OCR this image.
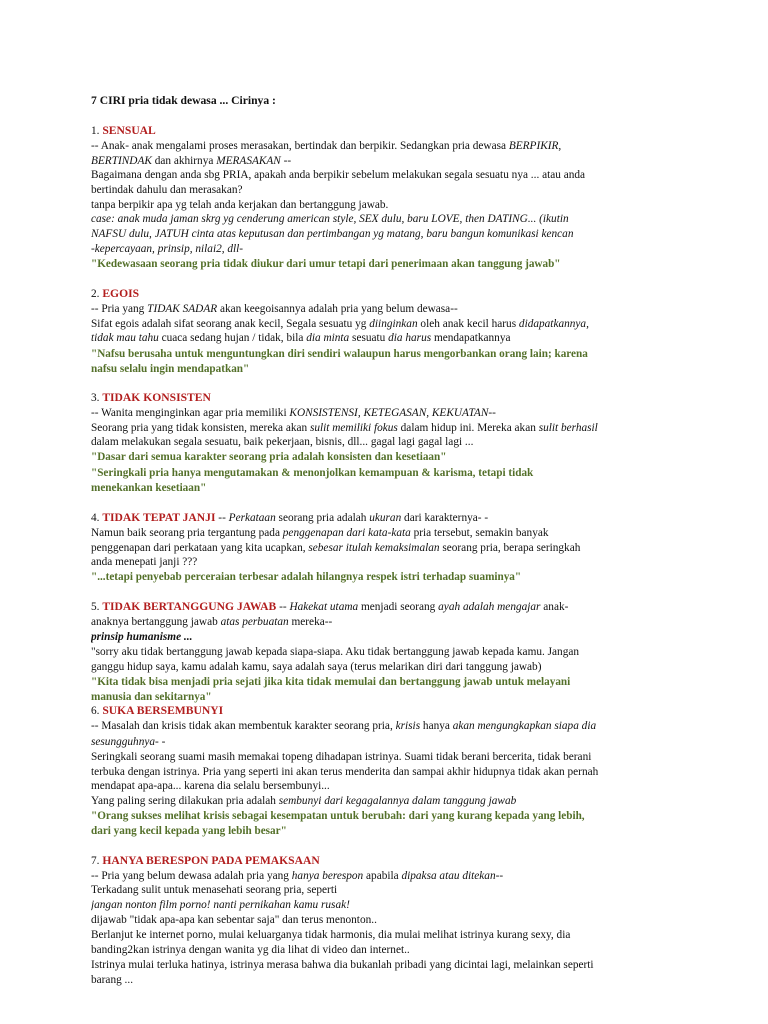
7 CIRI pria tidak dewasa ... Cirinya :
1. SENSUAL
-- Anak- anak mengalami proses merasakan, bertindak dan berpikir. Sedangkan pria dewasa BERPIKIR,
BERTINDAK dan akhirnya MERASAKAN --
Bagaimana dengan anda sbg PRIA, apakah anda berpikir sebelum melakukan segala sesuatu nya ... atau anda
bertindak dahulu dan merasakan?
tanpa berpikir apa yg telah anda kerjakan dan bertanggung jawab.
case: anak muda jaman skrg yg cenderung american style, SEX dulu, baru LOVE, then DATING... (ikutin
NAFSU dulu, JATUH cinta atas keputusan dan pertimbangan yg matang, baru bangun komunikasi kencan
-kepercayaan, prinsip, nilai2, dll-
"Kedewasaan seorang pria tidak diukur dari umur tetapi dari penerimaan akan tanggung jawab"
2. EGOIS
-- Pria yang TIDAK SADAR akan keegoisannya adalah pria yang belum dewasa--
Sifat egois adalah sifat seorang anak kecil, Segala sesuatu yg diinginkan oleh anak kecil harus didapatkannya,
tidak mau tahu cuaca sedang hujan / tidak, bila dia minta sesuatu dia harus mendapatkannya
"Nafsu berusaha untuk menguntungkan diri sendiri walaupun harus mengorbankan orang lain; karena
nafsu selalu ingin mendapatkan"
3. TIDAK KONSISTEN
-- Wanita menginginkan agar pria memiliki KONSISTENSI, KETEGASAN, KEKUATAN--
Seorang pria yang tidak konsisten, mereka akan sulit memiliki fokus dalam hidup ini. Mereka akan sulit berhasil
dalam melakukan segala sesuatu, baik pekerjaan, bisnis, dll... gagal lagi gagal lagi ...
"Dasar dari semua karakter seorang pria adalah konsisten dan kesetiaan"
"Seringkali pria hanya mengutamakan & menonjolkan kemampuan & karisma, tetapi tidak
menekankan kesetiaan"
4. TIDAK TEPAT JANJI -- Perkataan seorang pria adalah ukuran dari karakternya- -
Namun baik seorang pria tergantung pada penggenapan dari kata-kata pria tersebut, semakin banyak
penggenapan dari perkataan yang kita ucapkan, sebesar itulah kemaksimalan seorang pria, berapa seringkah
anda menepati janji ???
"...tetapi penyebab perceraian terbesar adalah hilangnya respek istri terhadap suaminya"
5. TIDAK BERTANGGUNG JAWAB -- Hakekat utama menjadi seorang ayah adalah mengajar anak-
anaknya bertanggung jawab atas perbuatan mereka--
prinsip humanisme ...
"sorry aku tidak bertanggung jawab kepada siapa-siapa. Aku tidak bertanggung jawab kepada kamu. Jangan
ganggu hidup saya, kamu adalah kamu, saya adalah saya (terus melarikan diri dari tanggung jawab)
"Kita tidak bisa menjadi pria sejati jika kita tidak memulai dan bertanggung jawab untuk melayani
manusia dan sekitarnya"
6. SUKA BERSEMBUNYI
-- Masalah dan krisis tidak akan membentuk karakter seorang pria, krisis hanya akan mengungkapkan siapa dia
sesungguhnya- -
Seringkali seorang suami masih memakai topeng dihadapan istrinya. Suami tidak berani bercerita, tidak berani
terbuka dengan istrinya. Pria yang seperti ini akan terus menderita dan sampai akhir hidupnya tidak akan pernah
mendapat apa-apa... karena dia selalu bersembunyi...
Yang paling sering dilakukan pria adalah sembunyi dari kegagalannya dalam tanggung jawab
"Orang sukses melihat krisis sebagai kesempatan untuk berubah: dari yang kurang kepada yang lebih,
dari yang kecil kepada yang lebih besar"
7. HANYA BERESPON PADA PEMAKSAAN
-- Pria yang belum dewasa adalah pria yang hanya berespon apabila dipaksa atau ditekan--
Terkadang sulit untuk menasehati seorang pria, seperti
jangan nonton film porno! nanti pernikahan kamu rusak!
dijawab "tidak apa-apa kan sebentar saja" dan terus menonton..
Berlanjut ke internet porno, mulai keluarganya tidak harmonis, dia mulai melihat istrinya kurang sexy, dia
banding2kan istrinya dengan wanita yg dia lihat di video dan internet..
Istrinya mulai terluka hatinya, istrinya merasa bahwa dia bukanlah pribadi yang dicintai lagi, melainkan seperti
barang ...
